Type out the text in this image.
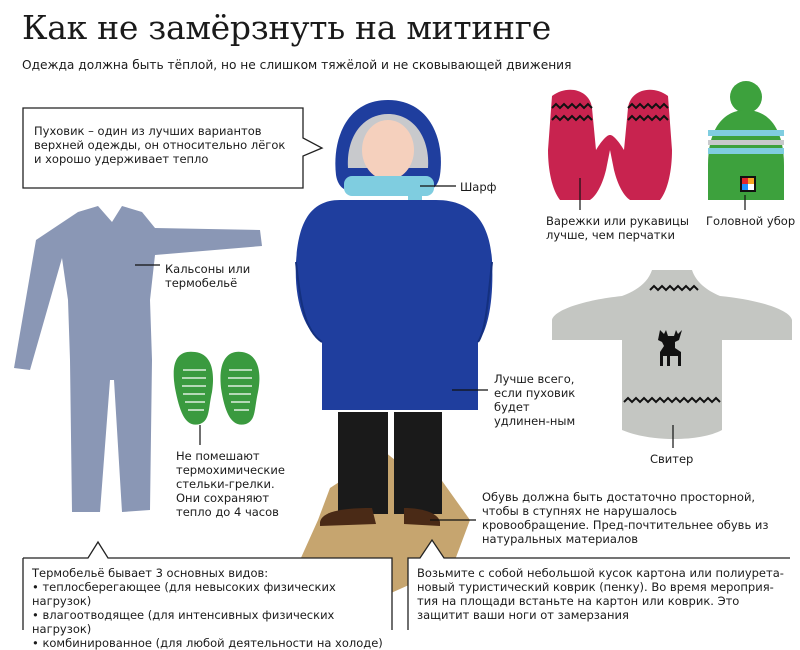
Как не замёрзнуть на митинге
Одежда должна быть тёплой, но не слишком тяжёлой и не сковывающей движения
Пуховик – один из лучших вариантов верхней одежды, он относительно лёгок и хорошо удерживает тепло
Шарф
Варежки или рукавицы лучше, чем перчатки
Головной убор
Кальсоны или термобельё
Не помешают термохимические стельки-грелки. Они сохраняют тепло до 4 часов
Лучше всего, если пуховик будет удлинен-ным
Свитер
Обувь должна быть достаточно просторной, чтобы в ступнях не нарушалось кровообращение. Пред-почтительнее обувь из натуральных материалов
Термобельё бывает 3 основных видов:
• теплосберегающее (для невысоких физических нагрузок)
• влагоотводящее (для интенсивных физических нагрузок)
• комбинированное (для любой деятельности на холоде)
Возьмите с собой небольшой кусок картона или полиурета-новый туристический коврик (пенку). Во время мероприя-тия на площади встаньте на картон или коврик. Это защитит ваши ноги от замерзания
